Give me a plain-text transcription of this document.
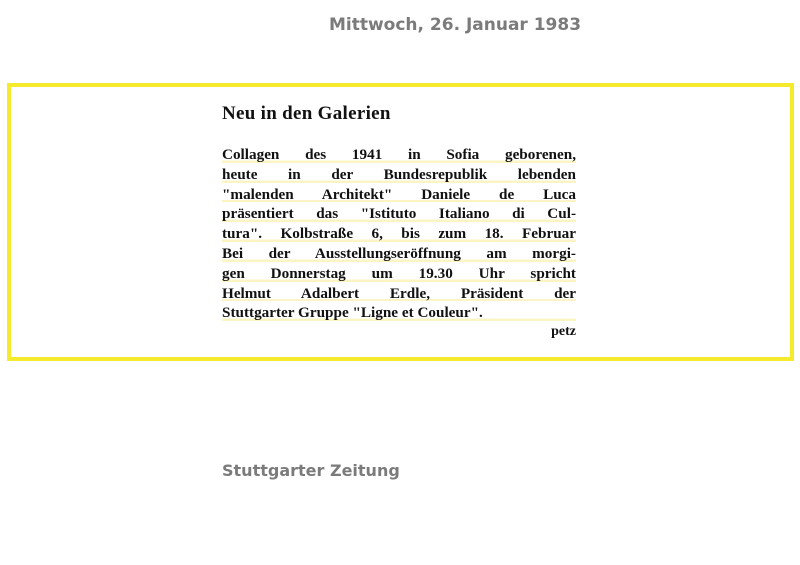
Mittwoch, 26. Januar 1983
Neu in den Galerien
Collagen des 1941 in Sofia geborenen,
heute in der Bundesrepublik lebenden
"malenden Architekt" Daniele de Luca
präsentiert das "Istituto Italiano di Cul-
tura". Kolbstraße 6, bis zum 18. Februar
Bei der Ausstellungseröffnung am morgi-
gen Donnerstag um 19.30 Uhr spricht
Helmut Adalbert Erdle, Präsident der
Stuttgarter Gruppe "Ligne et Couleur".
petz
Stuttgarter Zeitung
